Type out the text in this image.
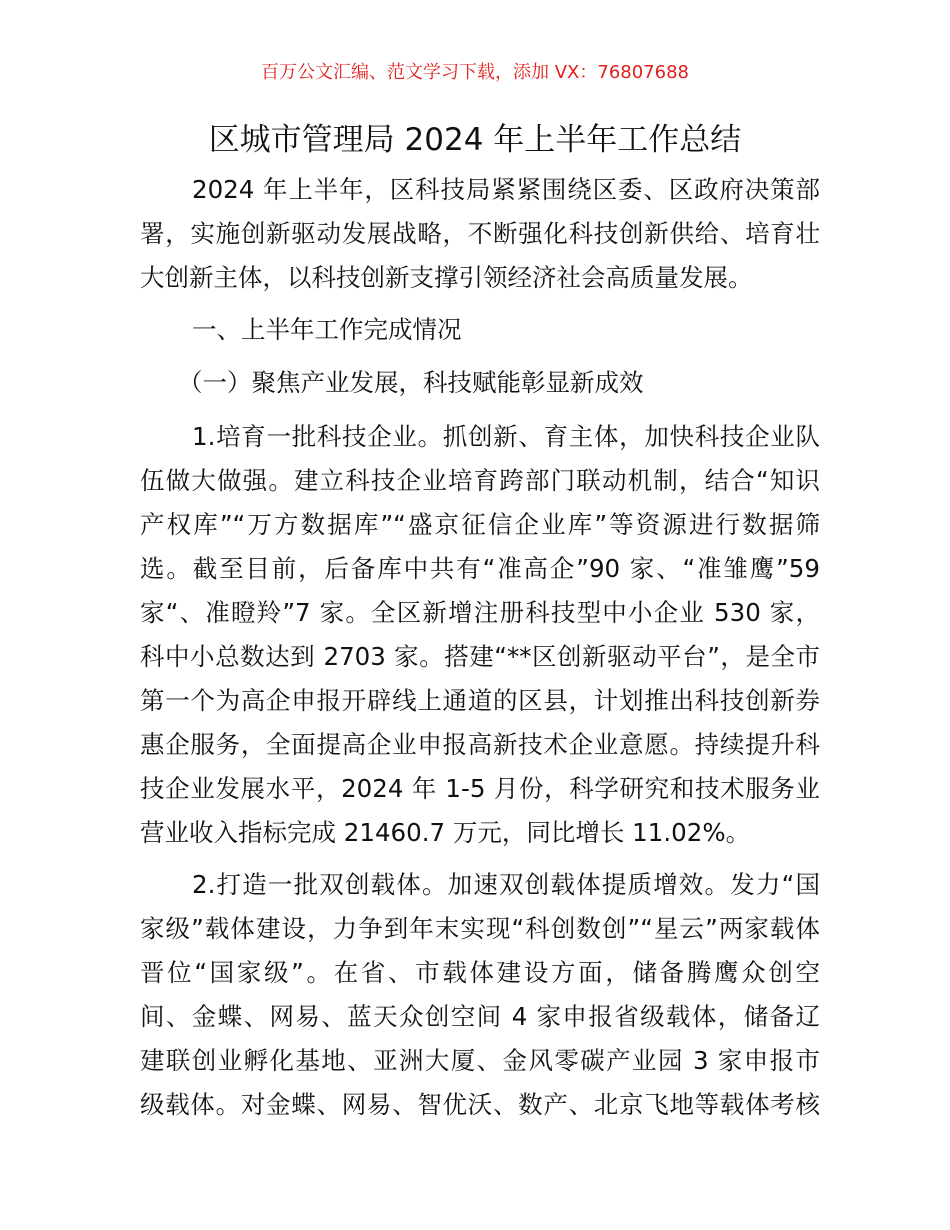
百万公文汇编、范文学习下载，添加 VX：76807688
区城市管理局 2024 年上半年工作总结
2024 年上半年，区科技局紧紧围绕区委、区政府决策部
署，实施创新驱动发展战略，不断强化科技创新供给、培育壮
大创新主体，以科技创新支撑引领经济社会高质量发展。
一、上半年工作完成情况
（一）聚焦产业发展，科技赋能彰显新成效
1.培育一批科技企业。抓创新、育主体，加快科技企业队
伍做大做强。建立科技企业培育跨部门联动机制，结合“知识
产权库”“万方数据库”“盛京征信企业库”等资源进行数据筛
选。截至目前，后备库中共有“准高企”90 家、“准雏鹰”59
家“、准瞪羚”7 家。全区新增注册科技型中小企业 530 家，
科中小总数达到 2703 家。搭建“**区创新驱动平台”，是全市
第一个为高企申报开辟线上通道的区县，计划推出科技创新券
惠企服务，全面提高企业申报高新技术企业意愿。持续提升科
技企业发展水平，2024 年 1-5 月份，科学研究和技术服务业
营业收入指标完成 21460.7 万元，同比增长 11.02%。
2.打造一批双创载体。加速双创载体提质增效。发力“国
家级”载体建设，力争到年末实现“科创数创”“星云”两家载体
晋位“国家级”。在省、市载体建设方面，储备腾鹰众创空
间、金蝶、网易、蓝天众创空间 4 家申报省级载体，储备辽
建联创业孵化基地、亚洲大厦、金风零碳产业园 3 家申报市
级载体。对金蝶、网易、智优沃、数产、北京飞地等载体考核
